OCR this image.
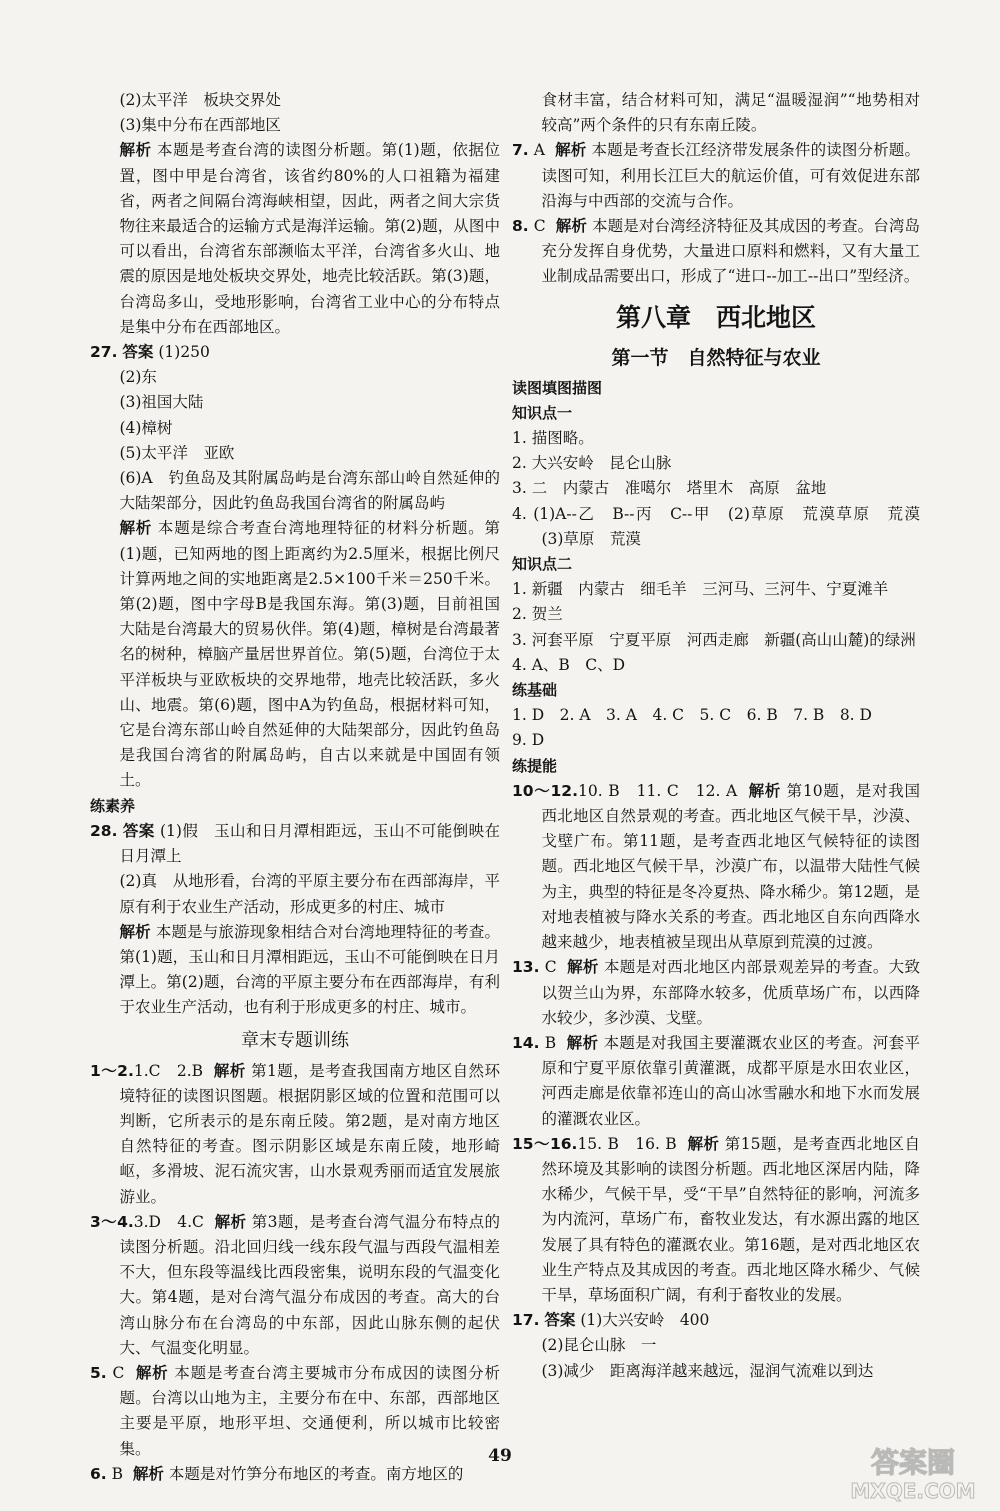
(2)太平洋　板块交界处
(3)集中分布在西部地区
解析 本题是考查台湾的读图分析题。第(1)题，依据位置，图中甲是台湾省，该省约80%的人口祖籍为福建省，两者之间隔台湾海峡相望，因此，两者之间大宗货物往来最适合的运输方式是海洋运输。第(2)题，从图中可以看出，台湾省东部濒临太平洋，台湾省多火山、地震的原因是地处板块交界处，地壳比较活跃。第(3)题，台湾岛多山，受地形影响，台湾省工业中心的分布特点是集中分布在西部地区。
27. 答案 (1)250
(2)东
(3)祖国大陆
(4)樟树
(5)太平洋　亚欧
(6)A　钓鱼岛及其附属岛屿是台湾东部山岭自然延伸的大陆架部分，因此钓鱼岛我国台湾省的附属岛屿
解析 本题是综合考查台湾地理特征的材料分析题。第(1)题，已知两地的图上距离约为2.5厘米，根据比例尺计算两地之间的实地距离是2.5×100千米＝250千米。第(2)题，图中字母B是我国东海。第(3)题，目前祖国大陆是台湾最大的贸易伙伴。第(4)题，樟树是台湾最著名的树种，樟脑产量居世界首位。第(5)题，台湾位于太平洋板块与亚欧板块的交界地带，地壳比较活跃，多火山、地震。第(6)题，图中A为钓鱼岛，根据材料可知，它是台湾东部山岭自然延伸的大陆架部分，因此钓鱼岛是我国台湾省的附属岛屿，自古以来就是中国固有领土。
练素养
28. 答案 (1)假　玉山和日月潭相距远，玉山不可能倒映在日月潭上
(2)真　从地形看，台湾的平原主要分布在西部海岸，平原有利于农业生产活动，形成更多的村庄、城市
解析 本题是与旅游现象相结合对台湾地理特征的考查。第(1)题，玉山和日月潭相距远，玉山不可能倒映在日月潭上。第(2)题，台湾的平原主要分布在西部海岸，有利于农业生产活动，也有利于形成更多的村庄、城市。
章末专题训练
1～2.1.C　2.B 解析 第1题，是考查我国南方地区自然环境特征的读图识图题。根据阴影区域的位置和范围可以判断，它所表示的是东南丘陵。第2题，是对南方地区自然特征的考查。图示阴影区域是东南丘陵，地形崎岖，多滑坡、泥石流灾害，山水景观秀丽而适宜发展旅游业。
3～4.3.D　4.C 解析 第3题，是考查台湾气温分布特点的读图分析题。沿北回归线一线东段气温与西段气温相差不大，但东段等温线比西段密集，说明东段的气温变化大。第4题，是对台湾气温分布成因的考查。高大的台湾山脉分布在台湾岛的中东部，因此山脉东侧的起伏大、气温变化明显。
5. C 解析 本题是考查台湾主要城市分布成因的读图分析题。台湾以山地为主，主要分布在中、东部，西部地区主要是平原，地形平坦、交通便利，所以城市比较密集。
6. B 解析 本题是对竹笋分布地区的考查。南方地区的
食材丰富，结合材料可知，满足“温暖湿润”“地势相对较高”两个条件的只有东南丘陵。
7. A 解析 本题是考查长江经济带发展条件的读图分析题。读图可知，利用长江巨大的航运价值，可有效促进东部沿海与中西部的交流与合作。
8. C 解析 本题是对台湾经济特征及其成因的考查。台湾岛充分发挥自身优势，大量进口原料和燃料，又有大量工业制成品需要出口，形成了“进口--加工--出口”型经济。
第八章　西北地区
第一节　自然特征与农业
读图填图描图
知识点一
1. 描图略。
2. 大兴安岭　昆仑山脉
3. 二　内蒙古　准噶尔　塔里木　高原　盆地
4. (1)A--乙　B--丙　C--甲　(2)草原　荒漠草原　荒漠　(3)草原　荒漠
知识点二
1. 新疆　内蒙古　细毛羊　三河马、三河牛、宁夏滩羊
2. 贺兰
3. 河套平原　宁夏平原　河西走廊　新疆(高山山麓)的绿洲
4. A、B　C、D
练基础
1. D　2. A　3. A　4. C　5. C　6. B　7. B　8. D
9. D
练提能
10～12.10. B　11. C　12. A 解析 第10题，是对我国西北地区自然景观的考查。西北地区气候干旱，沙漠、戈壁广布。第11题，是考查西北地区气候特征的读图题。西北地区气候干旱，沙漠广布，以温带大陆性气候为主，典型的特征是冬冷夏热、降水稀少。第12题，是对地表植被与降水关系的考查。西北地区自东向西降水越来越少，地表植被呈现出从草原到荒漠的过渡。
13. C 解析 本题是对西北地区内部景观差异的考查。大致以贺兰山为界，东部降水较多，优质草场广布，以西降水较少，多沙漠、戈壁。
14. B 解析 本题是对我国主要灌溉农业区的考查。河套平原和宁夏平原依靠引黄灌溉，成都平原是水田农业区，河西走廊是依靠祁连山的高山冰雪融水和地下水而发展的灌溉农业区。
15～16.15. B　16. B 解析 第15题，是考查西北地区自然环境及其影响的读图分析题。西北地区深居内陆，降水稀少，气候干旱，受“干旱”自然特征的影响，河流多为内流河，草场广布，畜牧业发达，有水源出露的地区发展了具有特色的灌溉农业。第16题，是对西北地区农业生产特点及其成因的考查。西北地区降水稀少、气候干旱，草场面积广阔，有利于畜牧业的发展。
17. 答案 (1)大兴安岭　400
(2)昆仑山脉　一
(3)减少　距离海洋越来越远，湿润气流难以到达
49	答案圈
MXQE.COM
